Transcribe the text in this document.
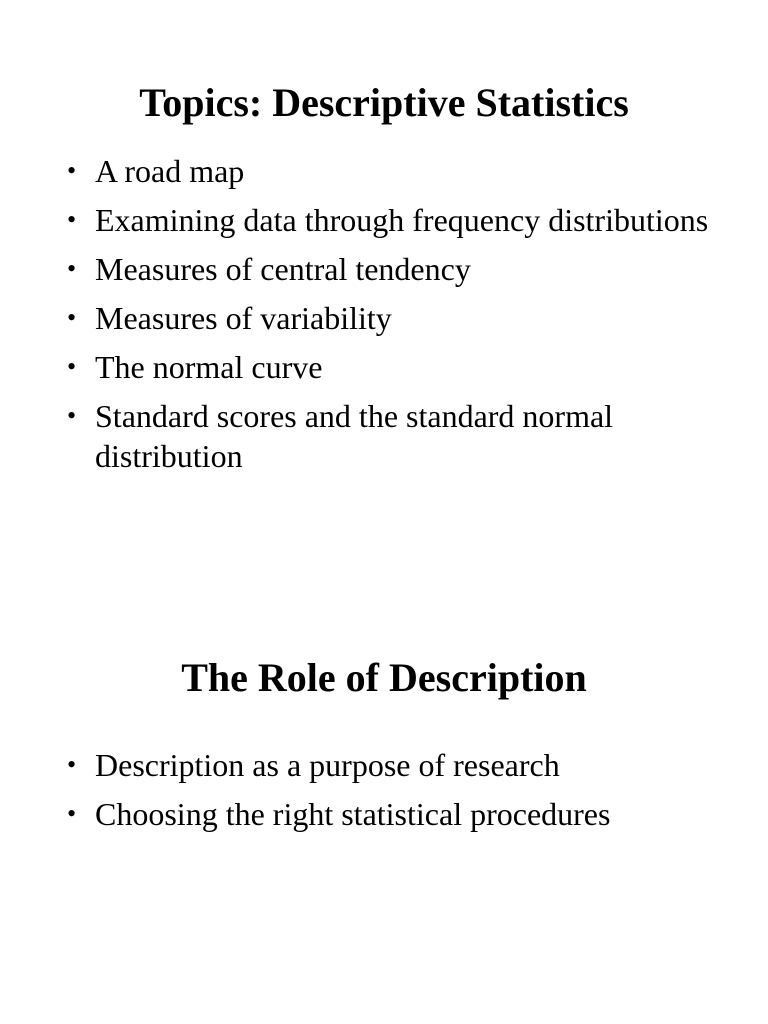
Topics: Descriptive Statistics
• A road map
• Examining data through frequency distributions
• Measures of central tendency
• Measures of variability
• The normal curve
• Standard scores and the standard normal distribution
The Role of Description
• Description as a purpose of research
• Choosing the right statistical procedures
